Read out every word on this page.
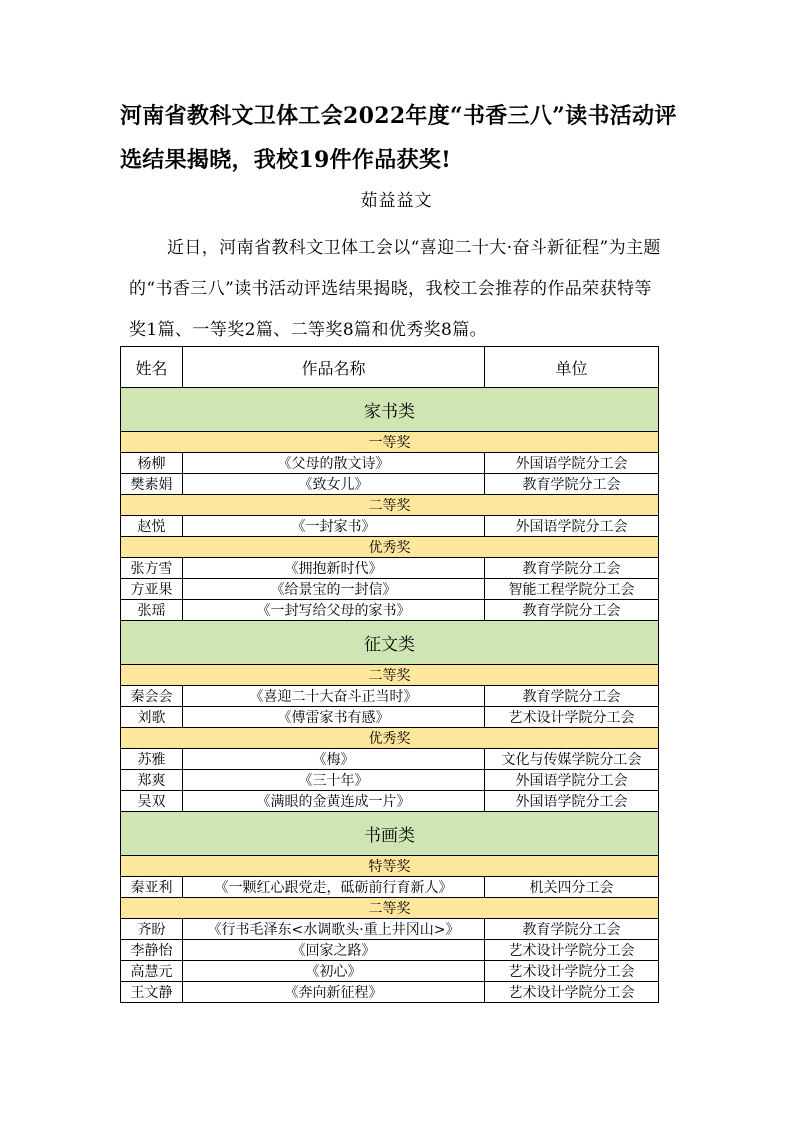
河南省教科文卫体工会2022年度“书香三八”读书活动评选结果揭晓，我校19件作品获奖!
茹益益文
近日，河南省教科文卫体工会以“喜迎二十大·奋斗新征程”为主题的“书香三八”读书活动评选结果揭晓，我校工会推荐的作品荣获特等奖1篇、一等奖2篇、二等奖8篇和优秀奖8篇。
姓名	作品名称	单位
家书类		
一等奖		
杨柳	《父母的散文诗》	外国语学院分工会
樊素娟	《致女儿》	教育学院分工会
二等奖		
赵悦	《一封家书》	外国语学院分工会
优秀奖		
张方雪	《拥抱新时代》	教育学院分工会
方亚果	《给景宝的一封信》	智能工程学院分工会
张瑶	《一封写给父母的家书》	教育学院分工会
征文类		
二等奖		
秦会会	《喜迎二十大奋斗正当时》	教育学院分工会
刘歌	《傅雷家书有感》	艺术设计学院分工会
优秀奖		
苏雅	《梅》	文化与传媒学院分工会
郑爽	《三十年》	外国语学院分工会
吴双	《满眼的金黄连成一片》	外国语学院分工会
书画类		
特等奖		
秦亚利	《一颗红心跟党走，砥砺前行育新人》	机关四分工会
二等奖		
齐盼	《行书毛泽东<水调歌头·重上井冈山>》	教育学院分工会
李静怡	《回家之路》	艺术设计学院分工会
高慧元	《初心》	艺术设计学院分工会
王文静	《奔向新征程》	艺术设计学院分工会
